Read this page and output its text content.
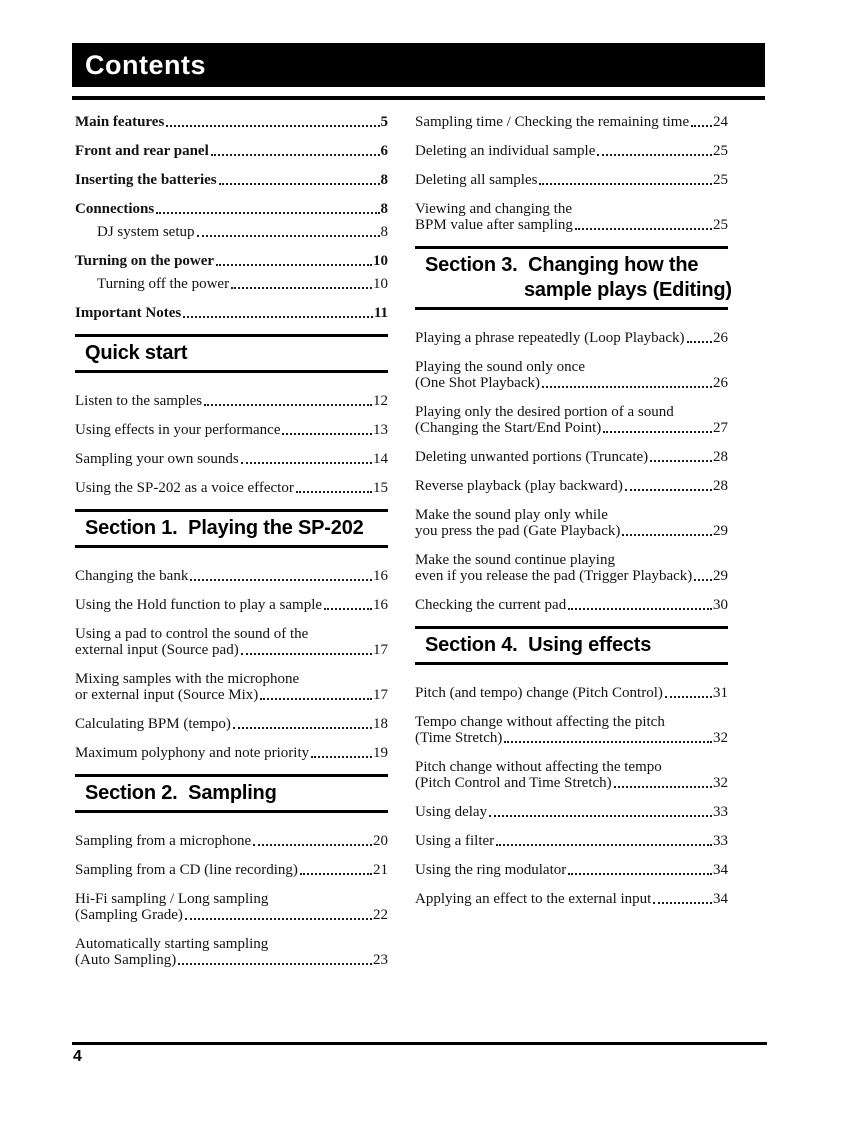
Contents
Main features	5
Front and rear panel	6
Inserting the batteries	8
Connections	8
DJ system setup	8
Turning on the power	10
Turning off the power	10
Important Notes	11
Quick start
Listen to the samples	12
Using effects in your performance	13
Sampling your own sounds	14
Using the SP-202 as a voice effector	15
Section 1.  Playing the SP-202
Changing the bank	16
Using the Hold function to play a sample	16
Using a pad to control the sound of the
external input (Source pad)	17
Mixing samples with the microphone
or external input (Source Mix)	17
Calculating BPM (tempo)	18
Maximum polyphony and note priority	19
Section 2.  Sampling
Sampling from a microphone	20
Sampling from a CD (line recording)	21
Hi-Fi sampling / Long sampling
(Sampling Grade)	22
Automatically starting sampling
(Auto Sampling)	23
Sampling time / Checking the remaining time 24
Deleting an individual sample	25
Deleting all samples	25
Viewing and changing the
BPM value after sampling	25
Section 3.  Changing how the
sample plays (Editing)
Playing a phrase repeatedly (Loop Playback) 26
Playing the sound only once
(One Shot Playback)	26
Playing only the desired portion of a sound
(Changing the Start/End Point)	27
Deleting unwanted portions (Truncate)	28
Reverse playback (play backward)	28
Make the sound play only while
you press the pad (Gate Playback)	29
Make the sound continue playing
even if you release the pad (Trigger Playback) 29
Checking the current pad	30
Section 4.  Using effects
Pitch (and tempo) change (Pitch Control)	31
Tempo change without affecting the pitch
(Time Stretch)	32
Pitch change without affecting the tempo
(Pitch Control and Time Stretch)	32
Using delay	33
Using a filter	33
Using the ring modulator	34
Applying an effect to the external input	34
4
